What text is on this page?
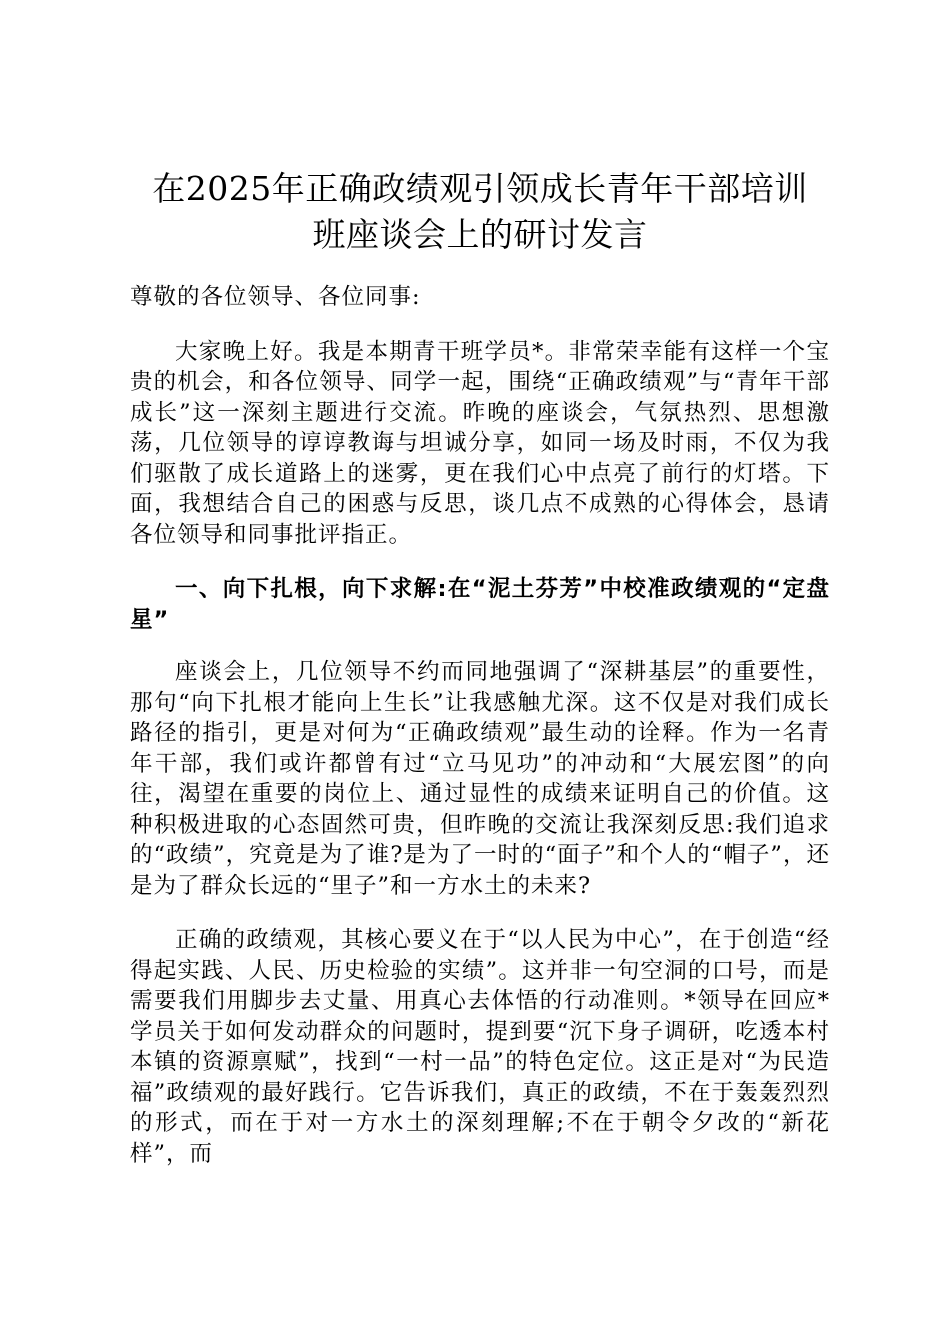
在2025年正确政绩观引领成长青年干部培训
班座谈会上的研讨发言

尊敬的各位领导、各位同事:

大家晚上好。我是本期青干班学员*。非常荣幸能有这样一个宝贵的机会，和各位领导、同学一起，围绕“正确政绩观”与“青年干部成长”这一深刻主题进行交流。昨晚的座谈会，气氛热烈、思想激荡，几位领导的谆谆教诲与坦诚分享，如同一场及时雨，不仅为我们驱散了成长道路上的迷雾，更在我们心中点亮了前行的灯塔。下面，我想结合自己的困惑与反思，谈几点不成熟的心得体会，恳请各位领导和同事批评指正。

一、向下扎根，向下求解:在“泥土芬芳”中校准政绩观的“定盘星”

座谈会上，几位领导不约而同地强调了“深耕基层”的重要性，那句“向下扎根才能向上生长”让我感触尤深。这不仅是对我们成长路径的指引，更是对何为“正确政绩观”最生动的诠释。作为一名青年干部，我们或许都曾有过“立马见功”的冲动和“大展宏图”的向往，渴望在重要的岗位上、通过显性的成绩来证明自己的价值。这种积极进取的心态固然可贵，但昨晚的交流让我深刻反思:我们追求的“政绩”，究竟是为了谁?是为了一时的“面子”和个人的“帽子”，还是为了群众长远的“里子”和一方水土的未来?

正确的政绩观，其核心要义在于“以人民为中心”，在于创造“经得起实践、人民、历史检验的实绩”。这并非一句空洞的口号，而是需要我们用脚步去丈量、用真心去体悟的行动准则。*领导在回应*学员关于如何发动群众的问题时，提到要“沉下身子调研，吃透本村本镇的资源禀赋”，找到“一村一品”的特色定位。这正是对“为民造福”政绩观的最好践行。它告诉我们，真正的政绩，不在于轰轰烈烈的形式，而在于对一方水土的深刻理解;不在于朝令夕改的“新花样”，而
